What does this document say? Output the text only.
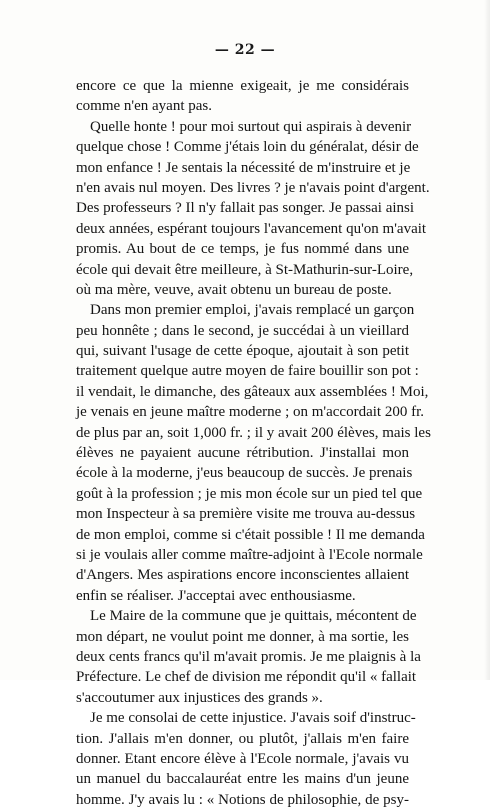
— 22 —
encore ce que la mienne exigeait, je me considérais
comme n'en ayant pas.
Quelle honte ! pour moi surtout qui aspirais à devenir
quelque chose ! Comme j'étais loin du généralat, désir de
mon enfance ! Je sentais la nécessité de m'instruire et je
n'en avais nul moyen. Des livres ? je n'avais point d'argent.
Des professeurs ? Il n'y fallait pas songer. Je passai ainsi
deux années, espérant toujours l'avancement qu'on m'avait
promis. Au bout de ce temps, je fus nommé dans une
école qui devait être meilleure, à St-Mathurin-sur-Loire,
où ma mère, veuve, avait obtenu un bureau de poste.
Dans mon premier emploi, j'avais remplacé un garçon
peu honnête ; dans le second, je succédai à un vieillard
qui, suivant l'usage de cette époque, ajoutait à son petit
traitement quelque autre moyen de faire bouillir son pot :
il vendait, le dimanche, des gâteaux aux assemblées ! Moi,
je venais en jeune maître moderne ; on m'accordait 200 fr.
de plus par an, soit 1,000 fr. ; il y avait 200 élèves, mais les
élèves ne payaient aucune rétribution. J'installai mon
école à la moderne, j'eus beaucoup de succès. Je prenais
goût à la profession ; je mis mon école sur un pied tel que
mon Inspecteur à sa première visite me trouva au-dessus
de mon emploi, comme si c'était possible ! Il me demanda
si je voulais aller comme maître-adjoint à l'Ecole normale
d'Angers. Mes aspirations encore inconscientes allaient
enfin se réaliser. J'acceptai avec enthousiasme.
Le Maire de la commune que je quittais, mécontent de
mon départ, ne voulut point me donner, à ma sortie, les
deux cents francs qu'il m'avait promis. Je me plaignis à la
Préfecture. Le chef de division me répondit qu'il « fallait
s'accoutumer aux injustices des grands ».
Je me consolai de cette injustice. J'avais soif d'instruc-
tion. J'allais m'en donner, ou plutôt, j'allais m'en faire
donner. Etant encore élève à l'Ecole normale, j'avais vu
un manuel du baccalauréat entre les mains d'un jeune
homme. J'y avais lu : « Notions de philosophie, de psy-
